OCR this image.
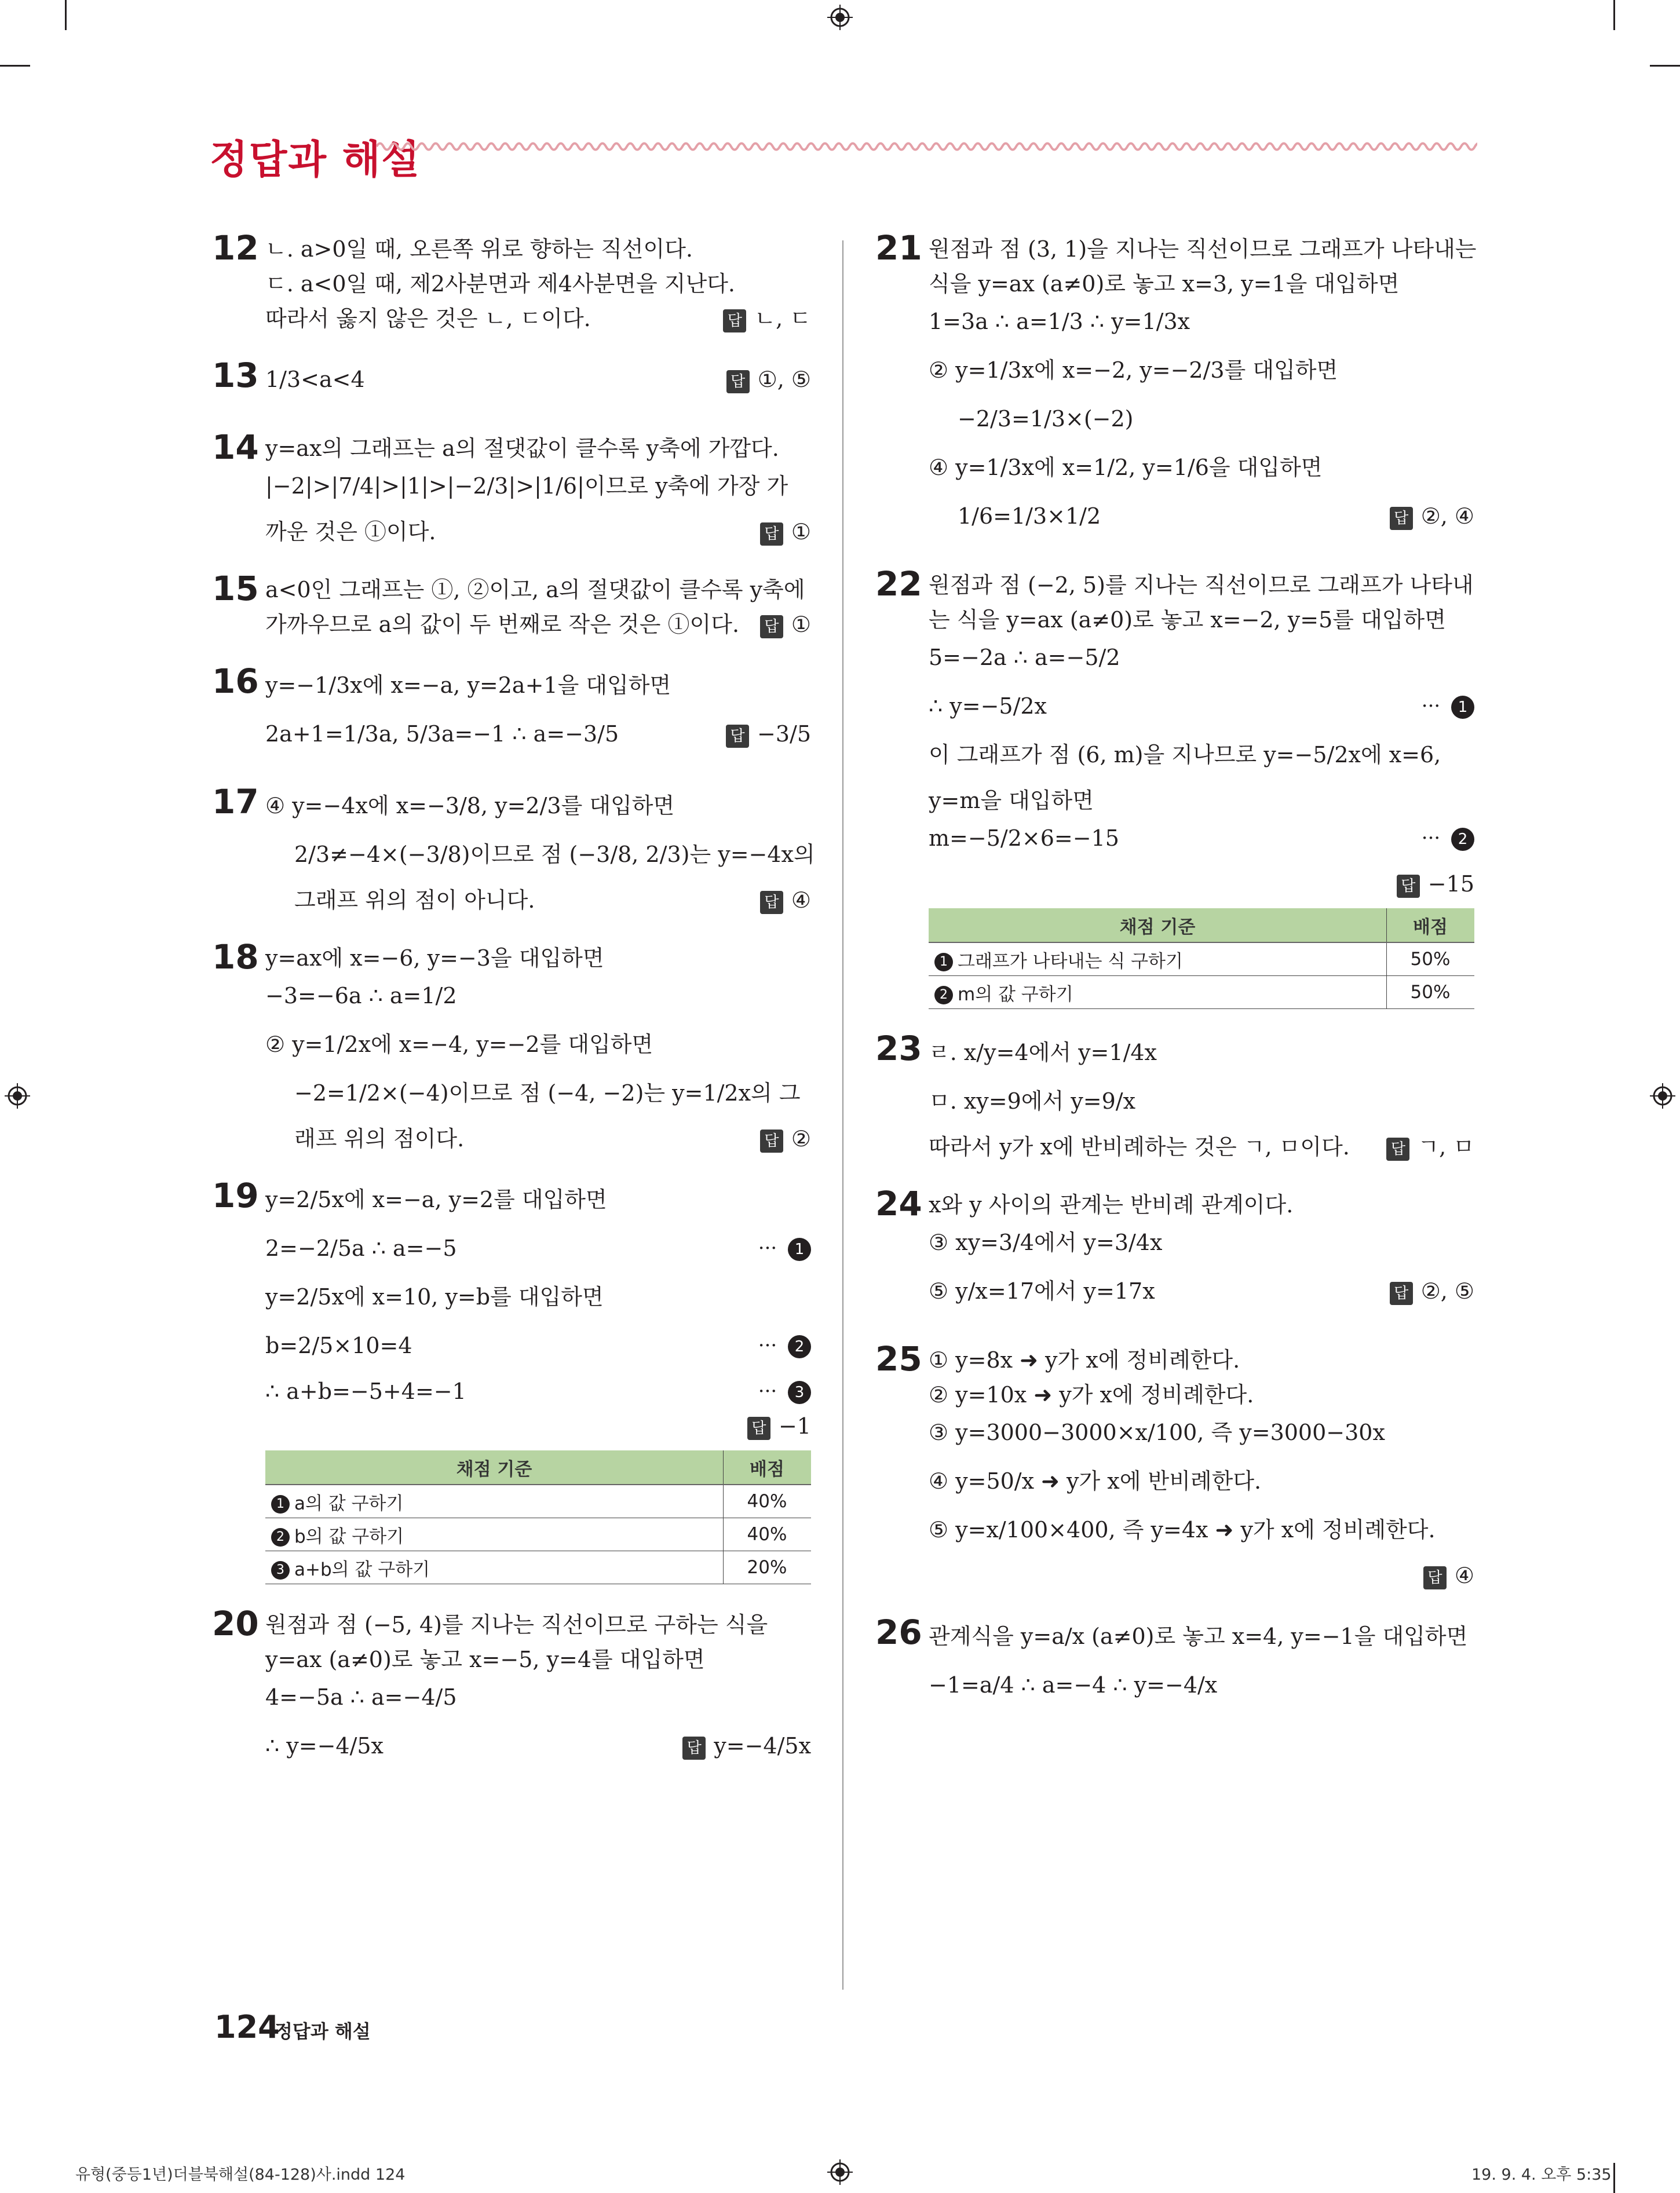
정답과 해설
12 ㄴ. a>0일 때, 오른쪽 위로 향하는 직선이다.
ㄷ. a<0일 때, 제2사분면과 제4사분면을 지난다.
따라서 옳지 않은 것은 ㄴ, ㄷ이다.	답 ㄴ, ㄷ
13 1/3<a<4	답 ①, ⑤
14 y=ax의 그래프는 a의 절댓값이 클수록 y축에 가깝다.
|−2|>|7/4|>|1|>|−2/3|>|1/6|이므로 y축에 가장 가
까운 것은 ①이다.	답 ①
15 a<0인 그래프는 ①, ②이고, a의 절댓값이 클수록 y축에
가까우므로 a의 값이 두 번째로 작은 것은 ①이다. 답 ①
16 y=−1/3x에 x=−a, y=2a+1을 대입하면
2a+1=1/3a, 5/3a=−1 ∴ a=−3/5	답 −3/5
17 ④ y=−4x에 x=−3/8, y=2/3를 대입하면
2/3≠−4×(−3/8)이므로 점 (−3/8, 2/3)는 y=−4x의
그래프 위의 점이 아니다.	답 ④
18 y=ax에 x=−6, y=−3을 대입하면
−3=−6a ∴ a=1/2
② y=1/2x에 x=−4, y=−2를 대입하면
−2=1/2×(−4)이므로 점 (−4, −2)는 y=1/2x의 그
래프 위의 점이다.	답 ②
19 y=2/5x에 x=−a, y=2를 대입하면
2=−2/5a ∴ a=−5	··· 1
y=2/5x에 x=10, y=b를 대입하면
b=2/5×10=4	··· 2
∴ a+b=−5+4=−1	··· 3
답 −1
채점 기준	배점
1 a의 값 구하기	40%
2 b의 값 구하기	40%
3 a+b의 값 구하기	20%
20 원점과 점 (−5, 4)를 지나는 직선이므로 구하는 식을
y=ax (a≠0)로 놓고 x=−5, y=4를 대입하면
4=−5a ∴ a=−4/5
∴ y=−4/5x	답 y=−4/5x
21 원점과 점 (3, 1)을 지나는 직선이므로 그래프가 나타내는
식을 y=ax (a≠0)로 놓고 x=3, y=1을 대입하면
1=3a ∴ a=1/3 ∴ y=1/3x
② y=1/3x에 x=−2, y=−2/3를 대입하면
−2/3=1/3×(−2)
④ y=1/3x에 x=1/2, y=1/6을 대입하면
1/6=1/3×1/2	답 ②, ④
22 원점과 점 (−2, 5)를 지나는 직선이므로 그래프가 나타내
는 식을 y=ax (a≠0)로 놓고 x=−2, y=5를 대입하면
5=−2a ∴ a=−5/2
∴ y=−5/2x	··· 1
이 그래프가 점 (6, m)을 지나므로 y=−5/2x에 x=6,
y=m을 대입하면
m=−5/2×6=−15	··· 2
답 −15
채점 기준	배점
1 그래프가 나타내는 식 구하기	50%
2 m의 값 구하기	50%
23 ㄹ. x/y=4에서 y=1/4x
ㅁ. xy=9에서 y=9/x
따라서 y가 x에 반비례하는 것은 ㄱ, ㅁ이다.	답 ㄱ, ㅁ
24 x와 y 사이의 관계는 반비례 관계이다.
③ xy=3/4에서 y=3/4x
⑤ y/x=17에서 y=17x	답 ②, ⑤
25 ① y=8x ➜ y가 x에 정비례한다.
② y=10x ➜ y가 x에 정비례한다.
③ y=3000−3000×x/100, 즉 y=3000−30x
④ y=50/x ➜ y가 x에 반비례한다.
⑤ y=x/100×400, 즉 y=4x ➜ y가 x에 정비례한다.
답 ④
26 관계식을 y=a/x (a≠0)로 놓고 x=4, y=−1을 대입하면
−1=a/4 ∴ a=−4 ∴ y=−4/x
124
정답과 해설
유형(중등1년)더블북해설(84-128)사.indd 124	19. 9. 4. 오후 5:35
